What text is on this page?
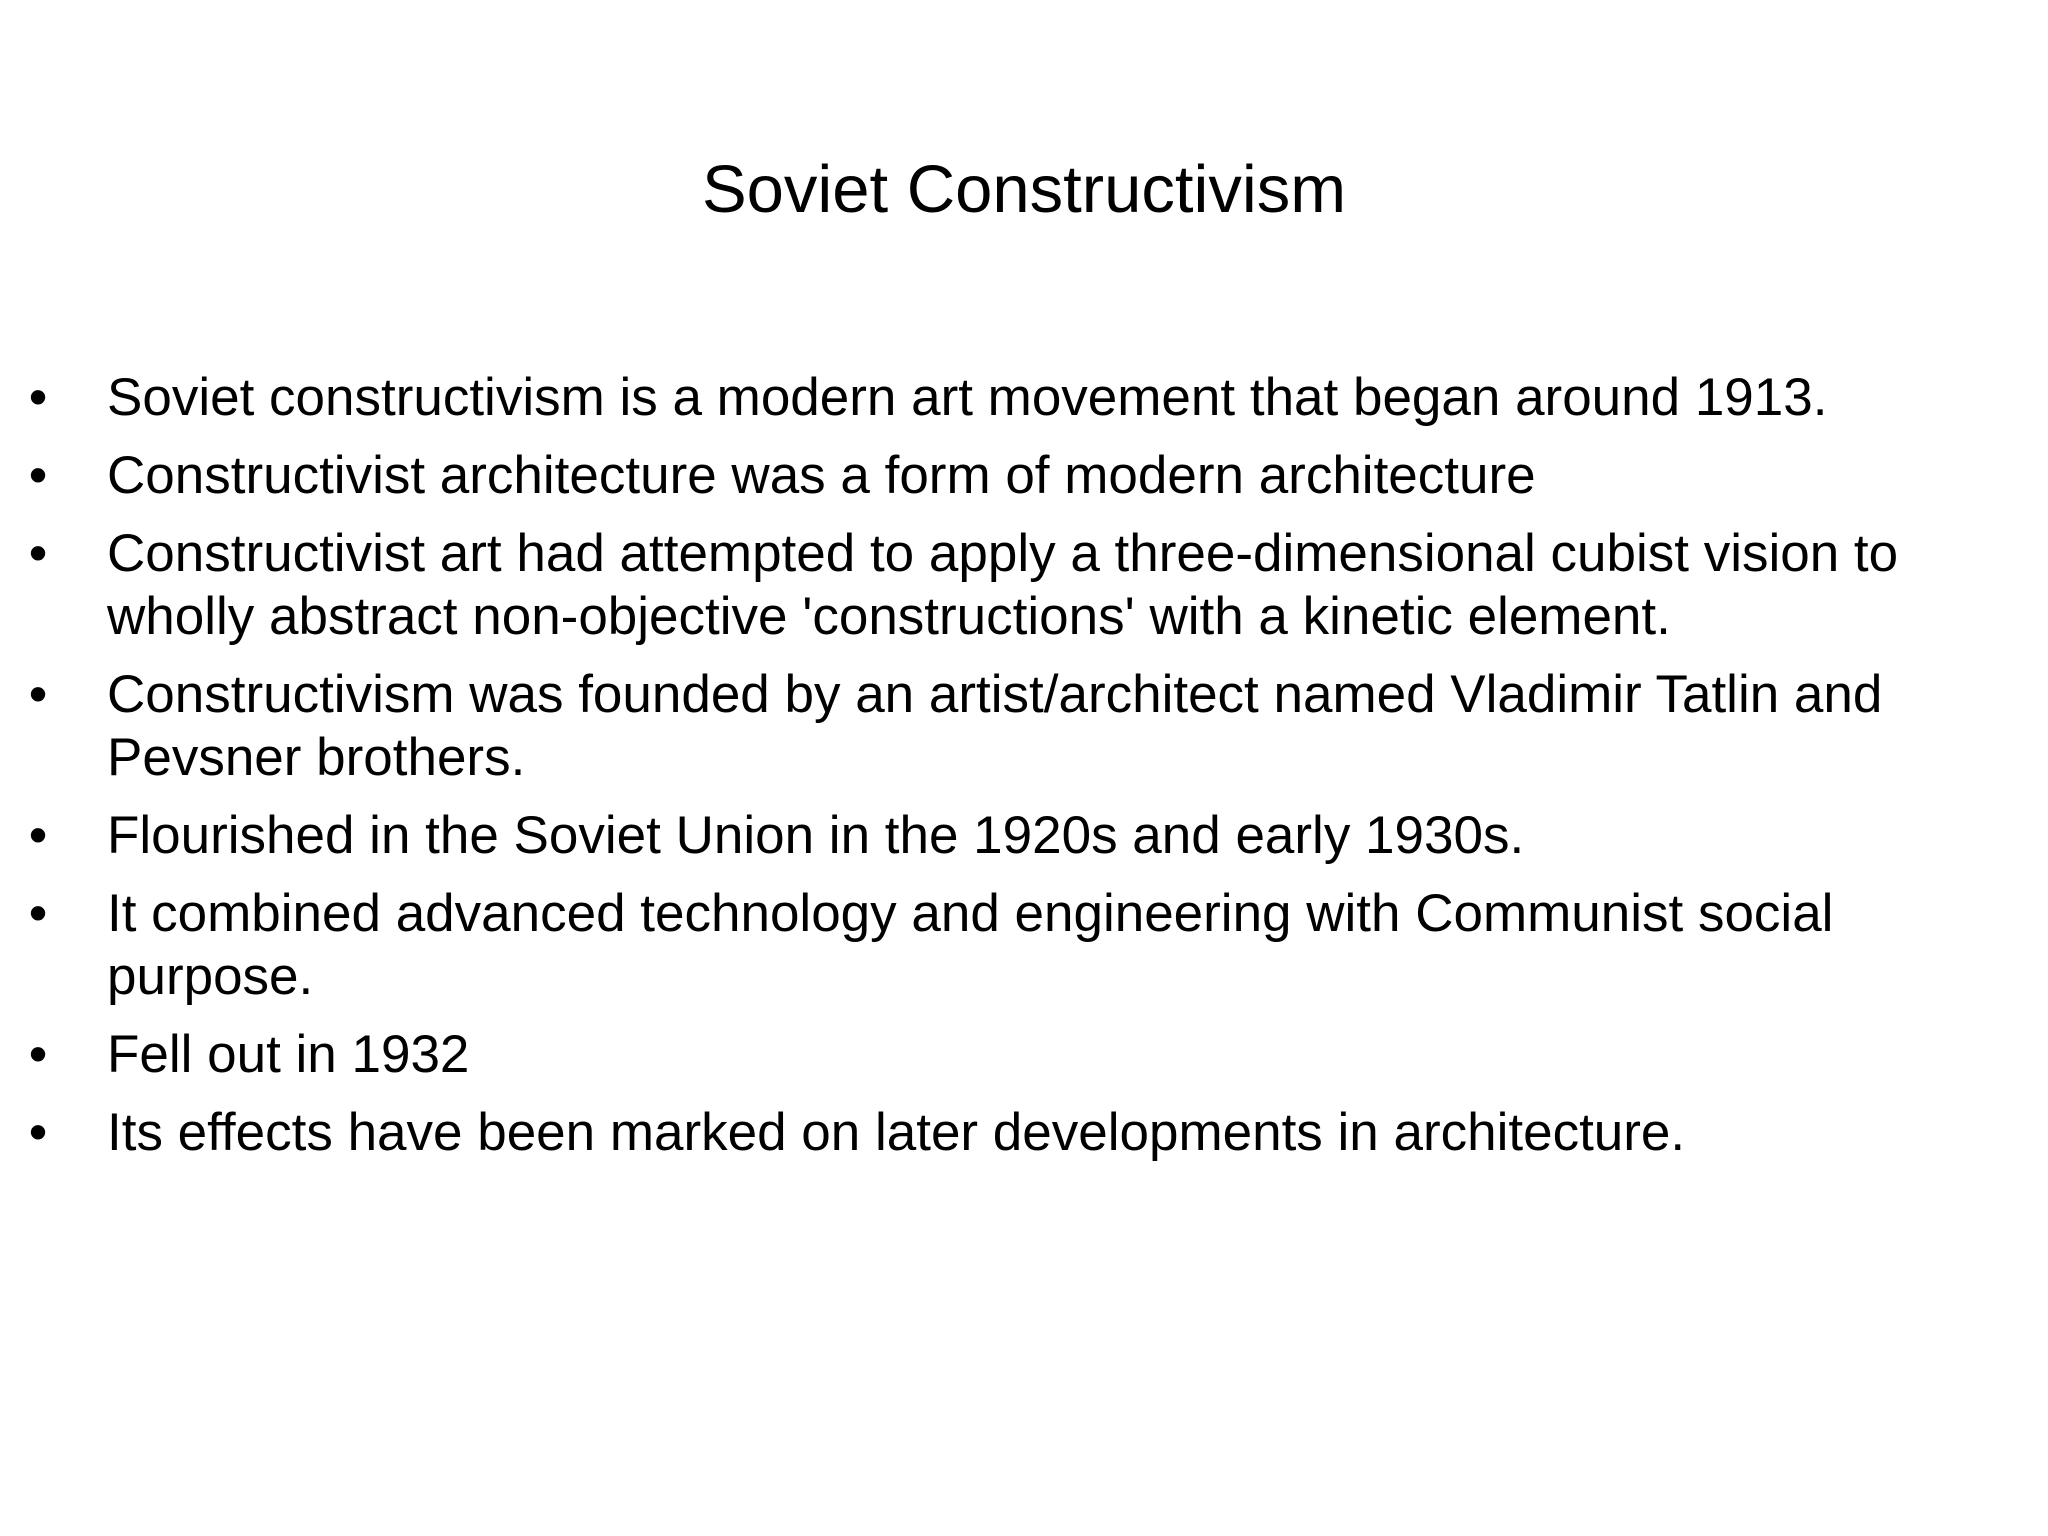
Soviet Constructivism
• Soviet constructivism is a modern art movement that began around 1913.
• Constructivist architecture was a form of modern architecture
• Constructivist art had attempted to apply a three-dimensional cubist vision to wholly abstract non-objective 'constructions' with a kinetic element.
• Constructivism was founded by an artist/architect named Vladimir Tatlin and Pevsner brothers.
• Flourished in the Soviet Union in the 1920s and early 1930s.
• It combined advanced technology and engineering with Communist social purpose.
• Fell out in 1932
• Its effects have been marked on later developments in architecture.
